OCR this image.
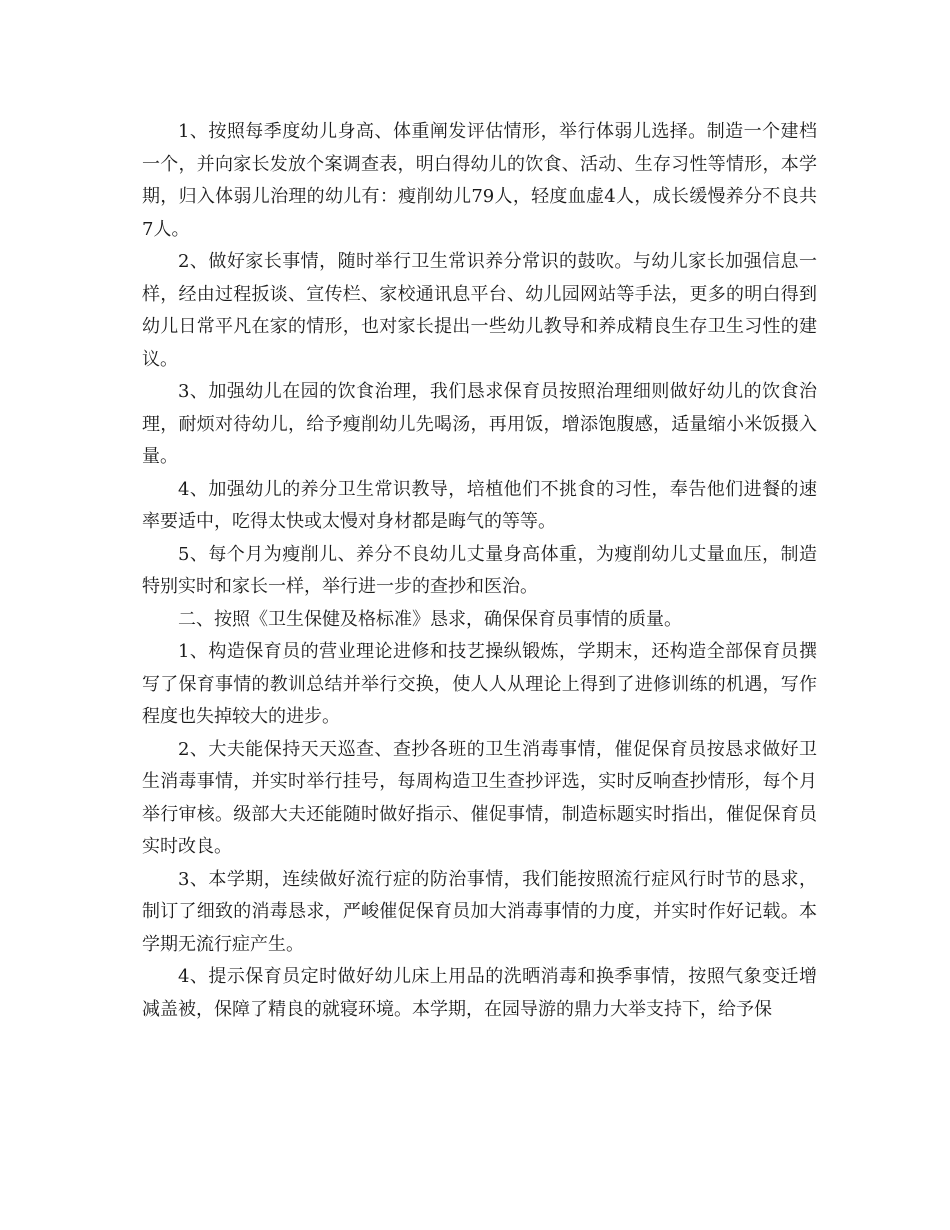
1、按照每季度幼儿身高、体重阐发评估情形，举行体弱儿选择。制造一个建档一个，并向家长发放个案调查表，明白得幼儿的饮食、活动、生存习性等情形，本学期，归入体弱儿治理的幼儿有：瘦削幼儿79人，轻度血虚4人，成长缓慢养分不良共7人。

2、做好家长事情，随时举行卫生常识养分常识的鼓吹。与幼儿家长加强信息一样，经由过程扳谈、宣传栏、家校通讯息平台、幼儿园网站等手法，更多的明白得到幼儿日常平凡在家的情形，也对家长提出一些幼儿教导和养成精良生存卫生习性的建议。

3、加强幼儿在园的饮食治理，我们恳求保育员按照治理细则做好幼儿的饮食治理，耐烦对待幼儿，给予瘦削幼儿先喝汤，再用饭，增添饱腹感，适量缩小米饭摄入量。

4、加强幼儿的养分卫生常识教导，培植他们不挑食的习性，奉告他们进餐的速率要适中，吃得太快或太慢对身材都是晦气的等等。

5、每个月为瘦削儿、养分不良幼儿丈量身高体重，为瘦削幼儿丈量血压，制造特别实时和家长一样，举行进一步的查抄和医治。

二、按照《卫生保健及格标准》恳求，确保保育员事情的质量。

1、构造保育员的营业理论进修和技艺操纵锻炼，学期末，还构造全部保育员撰写了保育事情的教训总结并举行交换，使人人从理论上得到了进修训练的机遇，写作程度也失掉较大的进步。

2、大夫能保持天天巡查、查抄各班的卫生消毒事情，催促保育员按恳求做好卫生消毒事情，并实时举行挂号，每周构造卫生查抄评选，实时反响查抄情形，每个月举行审核。级部大夫还能随时做好指示、催促事情，制造标题实时指出，催促保育员实时改良。

3、本学期，连续做好流行症的防治事情，我们能按照流行症风行时节的恳求，制订了细致的消毒恳求，严峻催促保育员加大消毒事情的力度，并实时作好记载。本学期无流行症产生。

4、提示保育员定时做好幼儿床上用品的洗晒消毒和换季事情，按照气象变迁增减盖被，保障了精良的就寝环境。本学期，在园导游的鼎力大举支持下，给予保
